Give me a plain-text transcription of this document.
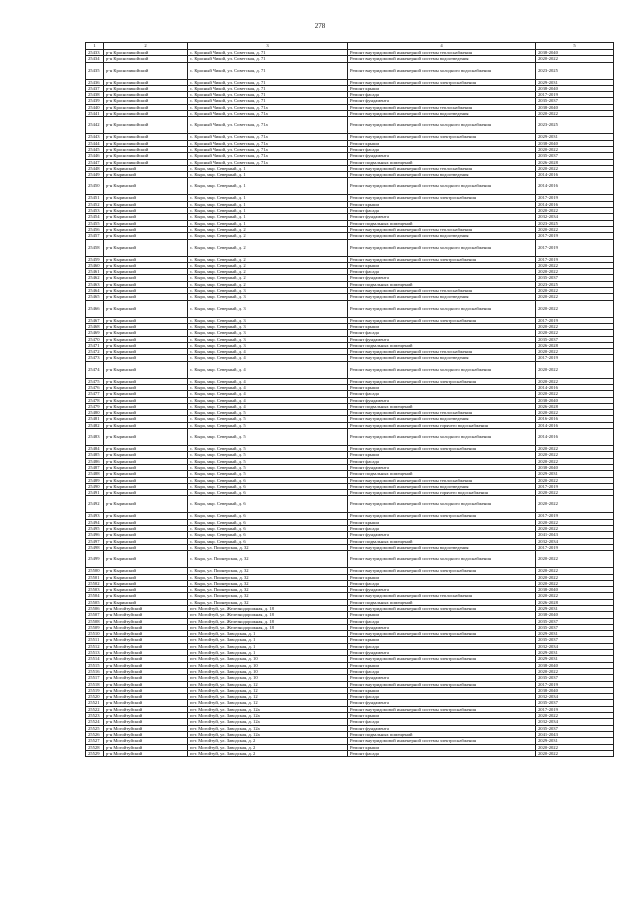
278
1	2	3	4	5
25433	р-н Красночикойский	с. Красный Чикой, ул. Советская, д. 71	Ремонт внутридомовой инженерной системы теплоснабжения	2038-2040
25434	р-н Красночикойский	с. Красный Чикой, ул. Советская, д. 71	Ремонт внутридомовой инженерной системы водоотведения	2020-2022
25435	р-н Красночикойский	с. Красный Чикой, ул. Советская, д. 71	Ремонт внутридомовой инженерной системы холодного водоснабжения	2023-2025
25436	р-н Красночикойский	с. Красный Чикой, ул. Советская, д. 71	Ремонт внутридомовой инженерной системы электроснабжения	2029-2031
25437	р-н Красночикойский	с. Красный Чикой, ул. Советская, д. 71	Ремонт крыши	2038-2040
25438	р-н Красночикойский	с. Красный Чикой, ул. Советская, д. 71	Ремонт фасада	2017-2019
25439	р-н Красночикойский	с. Красный Чикой, ул. Советская, д. 71	Ремонт фундамента	2035-2037
25440	р-н Красночикойский	с. Красный Чикой, ул. Советская, д. 71а	Ремонт внутридомовой инженерной системы теплоснабжения	2038-2040
25441	р-н Красночикойский	с. Красный Чикой, ул. Советская, д. 71а	Ремонт внутридомовой инженерной системы водоотведения	2020-2022
25442	р-н Красночикойский	с. Красный Чикой, ул. Советская, д. 71а	Ремонт внутридомовой инженерной системы холодного водоснабжения	2023-2025
25443	р-н Красночикойский	с. Красный Чикой, ул. Советская, д. 71а	Ремонт внутридомовой инженерной системы электроснабжения	2029-2031
25444	р-н Красночикойский	с. Красный Чикой, ул. Советская, д. 71а	Ремонт крыши	2038-2040
25445	р-н Красночикойский	с. Красный Чикой, ул. Советская, д. 71а	Ремонт фасада	2020-2022
25446	р-н Красночикойский	с. Красный Чикой, ул. Советская, д. 71а	Ремонт фундамента	2035-2037
25447	р-н Красночикойский	с. Красный Чикой, ул. Советская, д. 71а	Ремонт подвальных помещений	2026-2028
25448	р-н Кыринский	с. Кыра, мкр. Северный, д. 1	Ремонт внутридомовой инженерной системы теплоснабжения	2020-2022
25449	р-н Кыринский	с. Кыра, мкр. Северный, д. 1	Ремонт внутридомовой инженерной системы водоотведения	2014-2016
25450	р-н Кыринский	с. Кыра, мкр. Северный, д. 1	Ремонт внутридомовой инженерной системы холодного водоснабжения	2014-2016
25451	р-н Кыринский	с. Кыра, мкр. Северный, д. 1	Ремонт внутридомовой инженерной системы электроснабжения	2017-2019
25452	р-н Кыринский	с. Кыра, мкр. Северный, д. 1	Ремонт крыши	2014-2016
25453	р-н Кыринский	с. Кыра, мкр. Северный, д. 1	Ремонт фасада	2020-2022
25454	р-н Кыринский	с. Кыра, мкр. Северный, д. 1	Ремонт фундамента	2032-2034
25455	р-н Кыринский	с. Кыра, мкр. Северный, д. 1	Ремонт подвальных помещений	2023-2025
25456	р-н Кыринский	с. Кыра, мкр. Северный, д. 2	Ремонт внутридомовой инженерной системы теплоснабжения	2020-2022
25457	р-н Кыринский	с. Кыра, мкр. Северный, д. 2	Ремонт внутридомовой инженерной системы водоотведения	2017-2019
25458	р-н Кыринский	с. Кыра, мкр. Северный, д. 2	Ремонт внутридомовой инженерной системы холодного водоснабжения	2017-2019
25459	р-н Кыринский	с. Кыра, мкр. Северный, д. 2	Ремонт внутридомовой инженерной системы электроснабжения	2017-2019
25460	р-н Кыринский	с. Кыра, мкр. Северный, д. 2	Ремонт крыши	2020-2022
25461	р-н Кыринский	с. Кыра, мкр. Северный, д. 2	Ремонт фасада	2020-2022
25462	р-н Кыринский	с. Кыра, мкр. Северный, д. 2	Ремонт фундамента	2035-2037
25463	р-н Кыринский	с. Кыра, мкр. Северный, д. 2	Ремонт подвальных помещений	2023-2025
25464	р-н Кыринский	с. Кыра, мкр. Северный, д. 3	Ремонт внутридомовой инженерной системы теплоснабжения	2020-2022
25465	р-н Кыринский	с. Кыра, мкр. Северный, д. 3	Ремонт внутридомовой инженерной системы водоотведения	2020-2022
25466	р-н Кыринский	с. Кыра, мкр. Северный, д. 3	Ремонт внутридомовой инженерной системы холодного водоснабжения	2020-2022
25467	р-н Кыринский	с. Кыра, мкр. Северный, д. 3	Ремонт внутридомовой инженерной системы электроснабжения	2017-2019
25468	р-н Кыринский	с. Кыра, мкр. Северный, д. 3	Ремонт крыши	2020-2022
25469	р-н Кыринский	с. Кыра, мкр. Северный, д. 3	Ремонт фасада	2020-2022
25470	р-н Кыринский	с. Кыра, мкр. Северный, д. 3	Ремонт фундамента	2035-2037
25471	р-н Кыринский	с. Кыра, мкр. Северный, д. 3	Ремонт подвальных помещений	2026-2028
25472	р-н Кыринский	с. Кыра, мкр. Северный, д. 4	Ремонт внутридомовой инженерной системы теплоснабжения	2020-2022
25473	р-н Кыринский	с. Кыра, мкр. Северный, д. 4	Ремонт внутридомовой инженерной системы водоотведения	2017-2019
25474	р-н Кыринский	с. Кыра, мкр. Северный, д. 4	Ремонт внутридомовой инженерной системы холодного водоснабжения	2020-2022
25475	р-н Кыринский	с. Кыра, мкр. Северный, д. 4	Ремонт внутридомовой инженерной системы электроснабжения	2020-2022
25476	р-н Кыринский	с. Кыра, мкр. Северный, д. 4	Ремонт крыши	2014-2016
25477	р-н Кыринский	с. Кыра, мкр. Северный, д. 4	Ремонт фасада	2020-2022
25478	р-н Кыринский	с. Кыра, мкр. Северный, д. 4	Ремонт фундамента	2038-2040
25479	р-н Кыринский	с. Кыра, мкр. Северный, д. 4	Ремонт подвальных помещений	2026-2028
25480	р-н Кыринский	с. Кыра, мкр. Северный, д. 5	Ремонт внутридомовой инженерной системы теплоснабжения	2020-2022
25481	р-н Кыринский	с. Кыра, мкр. Северный, д. 5	Ремонт внутридомовой инженерной системы водоотведения	2016-2016
25482	р-н Кыринский	с. Кыра, мкр. Северный, д. 5	Ремонт внутридомовой инженерной системы горячего водоснабжения	2014-2016
25483	р-н Кыринский	с. Кыра, мкр. Северный, д. 5	Ремонт внутридомовой инженерной системы холодного водоснабжения	2014-2016
25484	р-н Кыринский	с. Кыра, мкр. Северный, д. 5	Ремонт внутридомовой инженерной системы электроснабжения	2020-2022
25485	р-н Кыринский	с. Кыра, мкр. Северный, д. 5	Ремонт крыши	2020-2022
25486	р-н Кыринский	с. Кыра, мкр. Северный, д. 5	Ремонт фасада	2020-2022
25487	р-н Кыринский	с. Кыра, мкр. Северный, д. 5	Ремонт фундамента	2038-2040
25488	р-н Кыринский	с. Кыра, мкр. Северный, д. 5	Ремонт подвальных помещений	2029-2031
25489	р-н Кыринский	с. Кыра, мкр. Северный, д. 6	Ремонт внутридомовой инженерной системы теплоснабжения	2020-2022
25490	р-н Кыринский	с. Кыра, мкр. Северный, д. 6	Ремонт внутридомовой инженерной системы водоотведения	2017-2019
25491	р-н Кыринский	с. Кыра, мкр. Северный, д. 6	Ремонт внутридомовой инженерной системы горячего водоснабжения	2020-2022
25492	р-н Кыринский	с. Кыра, мкр. Северный, д. 6	Ремонт внутридомовой инженерной системы холодного водоснабжения	2020-2022
25493	р-н Кыринский	с. Кыра, мкр. Северный, д. 6	Ремонт внутридомовой инженерной системы электроснабжения	2017-2019
25494	р-н Кыринский	с. Кыра, мкр. Северный, д. 6	Ремонт крыши	2020-2022
25495	р-н Кыринский	с. Кыра, мкр. Северный, д. 6	Ремонт фасада	2020-2022
25496	р-н Кыринский	с. Кыра, мкр. Северный, д. 6	Ремонт фундамента	2041-2043
25497	р-н Кыринский	с. Кыра, мкр. Северный, д. 6	Ремонт подвальных помещений	2032-2034
25498	р-н Кыринский	с. Кыра, ул. Пионерская, д. 32	Ремонт внутридомовой инженерной системы водоотведения	2017-2019
25499	р-н Кыринский	с. Кыра, ул. Пионерская, д. 32	Ремонт внутридомовой инженерной системы холодного водоснабжения	2020-2022
25500	р-н Кыринский	с. Кыра, ул. Пионерская, д. 32	Ремонт внутридомовой инженерной системы электроснабжения	2020-2022
25501	р-н Кыринский	с. Кыра, ул. Пионерская, д. 32	Ремонт крыши	2020-2022
25502	р-н Кыринский	с. Кыра, ул. Пионерская, д. 32	Ремонт фасада	2020-2022
25503	р-н Кыринский	с. Кыра, ул. Пионерская, д. 32	Ремонт фундамента	2038-2040
25504	р-н Кыринский	с. Кыра, ул. Пионерская, д. 32	Ремонт внутридомовой инженерной системы теплоснабжения	2020-2022
25505	р-н Кыринский	с. Кыра, ул. Пионерская, д. 32	Ремонт подвальных помещений	2026-2028
25506	р-н Могойтуйский	пгт. Могойтуй, ул. Железнодорожная, д. 18	Ремонт внутридомовой инженерной системы электроснабжения	2029-2031
25507	р-н Могойтуйский	пгт. Могойтуй, ул. Железнодорожная, д. 18	Ремонт крыши	2038-2040
25508	р-н Могойтуйский	пгт. Могойтуй, ул. Железнодорожная, д. 18	Ремонт фасада	2035-2037
25509	р-н Могойтуйский	пгт. Могойтуй, ул. Железнодорожная, д. 18	Ремонт фундамента	2035-2037
25510	р-н Могойтуйский	пгт. Могойтуй, ул. Заводская, д. 1	Ремонт внутридомовой инженерной системы электроснабжения	2029-2031
25511	р-н Могойтуйский	пгт. Могойтуй, ул. Заводская, д. 1	Ремонт крыши	2035-2037
25512	р-н Могойтуйский	пгт. Могойтуй, ул. Заводская, д. 1	Ремонт фасада	2032-2034
25513	р-н Могойтуйский	пгт. Могойтуй, ул. Заводская, д. 1	Ремонт фундамента	2029-2031
25514	р-н Могойтуйский	пгт. Могойтуй, ул. Заводская, д. 10	Ремонт внутридомовой инженерной системы электроснабжения	2029-2031
25515	р-н Могойтуйский	пгт. Могойтуй, ул. Заводская, д. 10	Ремонт крыши	2038-2040
25516	р-н Могойтуйский	пгт. Могойтуй, ул. Заводская, д. 10	Ремонт фасада	2020-2022
25517	р-н Могойтуйский	пгт. Могойтуй, ул. Заводская, д. 10	Ремонт фундамента	2035-2037
25518	р-н Могойтуйский	пгт. Могойтуй, ул. Заводская, д. 12	Ремонт внутридомовой инженерной системы электроснабжения	2017-2019
25519	р-н Могойтуйский	пгт. Могойтуй, ул. Заводская, д. 12	Ремонт крыши	2038-2040
25520	р-н Могойтуйский	пгт. Могойтуй, ул. Заводская, д. 12	Ремонт фасада	2032-2034
25521	р-н Могойтуйский	пгт. Могойтуй, ул. Заводская, д. 12	Ремонт фундамента	2035-2037
25522	р-н Могойтуйский	пгт. Могойтуй, ул. Заводская, д. 12а	Ремонт внутридомовой инженерной системы электроснабжения	2017-2019
25523	р-н Могойтуйский	пгт. Могойтуй, ул. Заводская, д. 12а	Ремонт крыши	2020-2022
25524	р-н Могойтуйский	пгт. Могойтуй, ул. Заводская, д. 12а	Ремонт фасада	2032-2034
25525	р-н Могойтуйский	пгт. Могойтуй, ул. Заводская, д. 12а	Ремонт фундамента	2035-2037
25526	р-н Могойтуйский	пгт. Могойтуй, ул. Заводская, д. 12а	Ремонт подвальных помещений	2041-2043
25527	р-н Могойтуйский	пгт. Могойтуй, ул. Заводская, д. 2	Ремонт внутридомовой инженерной системы электроснабжения	2029-2031
25528	р-н Могойтуйский	пгт. Могойтуй, ул. Заводская, д. 2	Ремонт крыши	2020-2022
25529	р-н Могойтуйский	пгт. Могойтуй, ул. Заводская, д. 2	Ремонт фасада	2020-2022
